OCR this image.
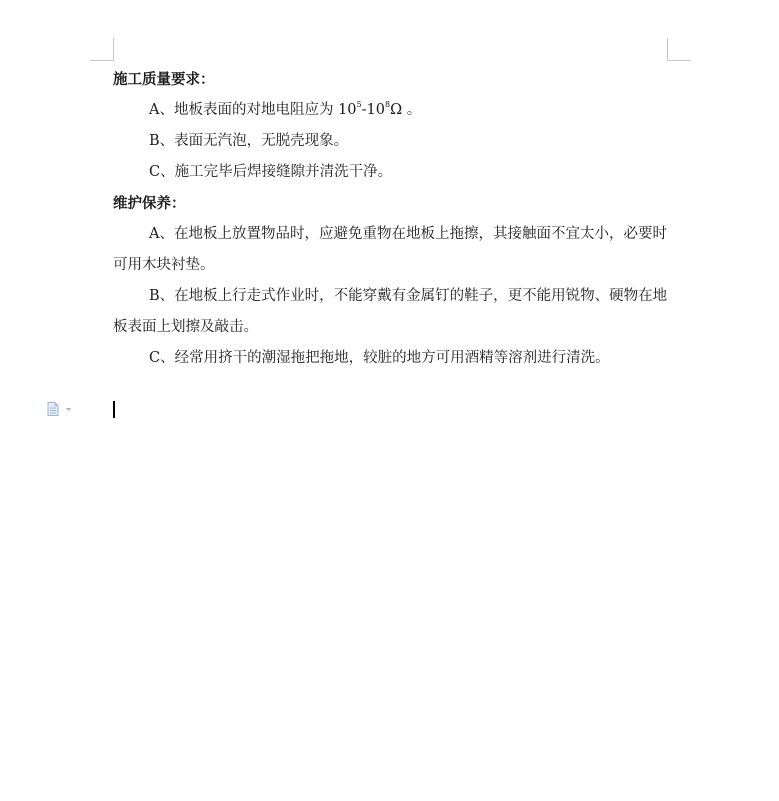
施工质量要求：
A、地板表面的对地电阻应为 $10^5-10^8\Omega$ 。
B、表面无汽泡，无脱壳现象。
C、施工完毕后焊接缝隙并清洗干净。
维护保养：
A、在地板上放置物品时，应避免重物在地板上拖擦，其接触面不宜太小，必要时可用木块衬垫。
B、在地板上行走式作业时，不能穿戴有金属钉的鞋子，更不能用锐物、硬物在地板表面上划擦及敲击。
C、经常用挤干的潮湿拖把拖地，较脏的地方可用酒精等溶剂进行清洗。
